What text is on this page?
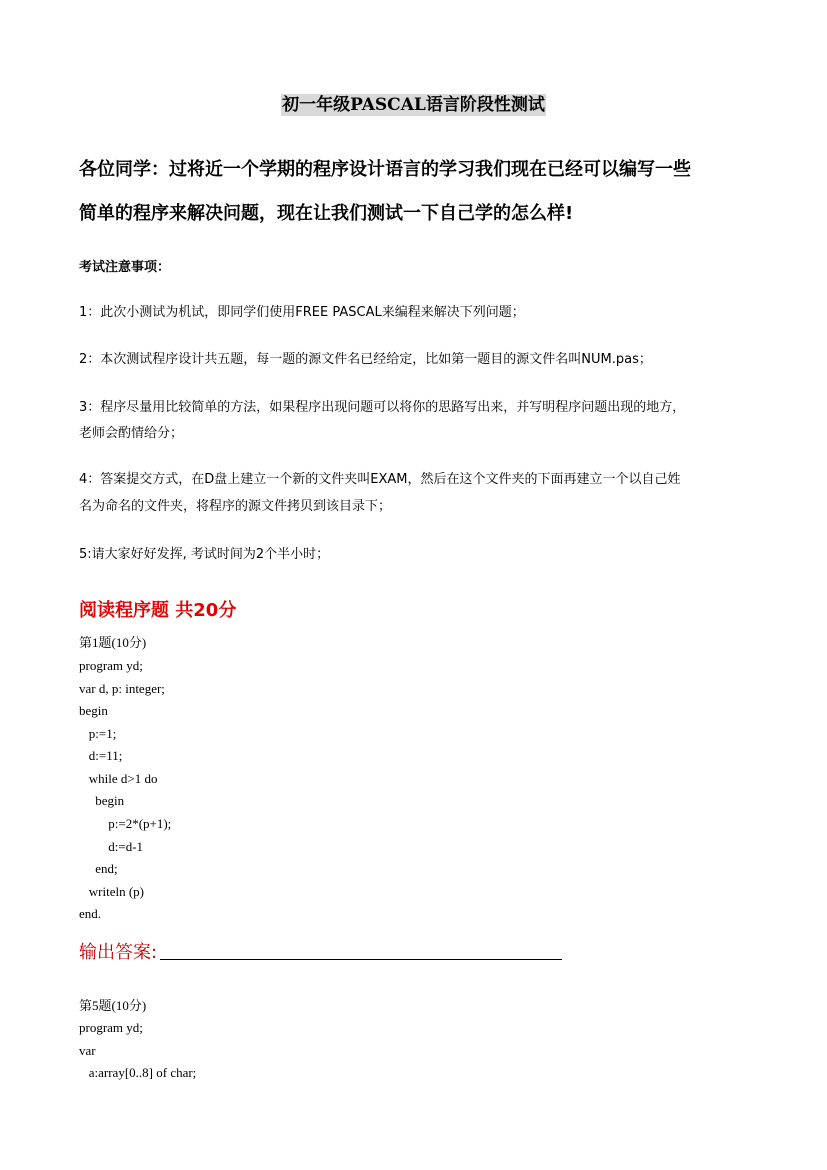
初一年级PASCAL语言阶段性测试
各位同学：过将近一个学期的程序设计语言的学习我们现在已经可以编写一些
简单的程序来解决问题，现在让我们测试一下自己学的怎么样!
考试注意事项：
1：此次小测试为机试，即同学们使用FREE PASCAL来编程来解决下列问题；
2：本次测试程序设计共五题，每一题的源文件名已经给定，比如第一题目的源文件名叫NUM.pas；
3：程序尽量用比较简单的方法，如果程序出现问题可以将你的思路写出来，并写明程序问题出现的地方，
老师会酌情给分；
4：答案提交方式，在D盘上建立一个新的文件夹叫EXAM，然后在这个文件夹的下面再建立一个以自己姓
名为命名的文件夹，将程序的源文件拷贝到该目录下；
5:请大家好好发挥, 考试时间为2个半小时；
阅读程序题 共20分
第1题(10分)
program yd;
var d, p: integer;
begin
p:=1;
d:=11;
while d>1 do
begin
p:=2*(p+1);
d:=d-1
end;
writeln (p)
end.
输出答案:
第5题(10分)
program yd;
var
a:array[0..8] of char;
